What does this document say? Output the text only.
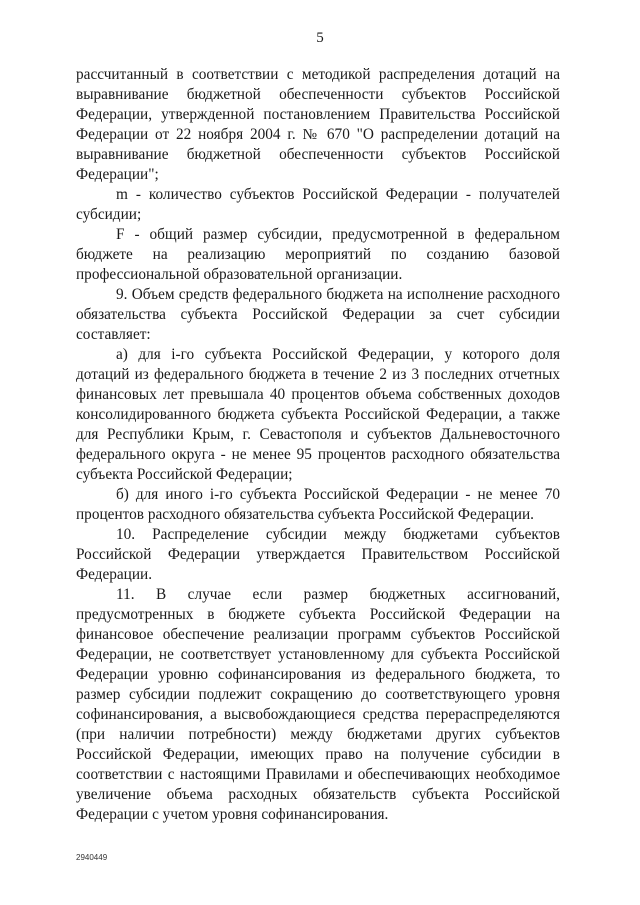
5

рассчитанный в соответствии с методикой распределения дотаций на выравнивание бюджетной обеспеченности субъектов Российской Федерации, утвержденной постановлением Правительства Российской Федерации от 22 ноября 2004 г. № 670 "О распределении дотаций на выравнивание бюджетной обеспеченности субъектов Российской Федерации";

m - количество субъектов Российской Федерации - получателей субсидии;

F - общий размер субсидии, предусмотренной в федеральном бюджете на реализацию мероприятий по созданию базовой профессиональной образовательной организации.

9. Объем средств федерального бюджета на исполнение расходного обязательства субъекта Российской Федерации за счет субсидии составляет:

а) для i-го субъекта Российской Федерации, у которого доля дотаций из федерального бюджета в течение 2 из 3 последних отчетных финансовых лет превышала 40 процентов объема собственных доходов консолидированного бюджета субъекта Российской Федерации, а также для Республики Крым, г. Севастополя и субъектов Дальневосточного федерального округа - не менее 95 процентов расходного обязательства субъекта Российской Федерации;

б) для иного i-го субъекта Российской Федерации - не менее 70 процентов расходного обязательства субъекта Российской Федерации.

10. Распределение субсидии между бюджетами субъектов Российской Федерации утверждается Правительством Российской Федерации.

11. В случае если размер бюджетных ассигнований, предусмотренных в бюджете субъекта Российской Федерации на финансовое обеспечение реализации программ субъектов Российской Федерации, не соответствует установленному для субъекта Российской Федерации уровню софинансирования из федерального бюджета, то размер субсидии подлежит сокращению до соответствующего уровня софинансирования, а высвобождающиеся средства перераспределяются (при наличии потребности) между бюджетами других субъектов Российской Федерации, имеющих право на получение субсидии в соответствии с настоящими Правилами и обеспечивающих необходимое увеличение объема расходных обязательств субъекта Российской Федерации с учетом уровня софинансирования.

2940449
